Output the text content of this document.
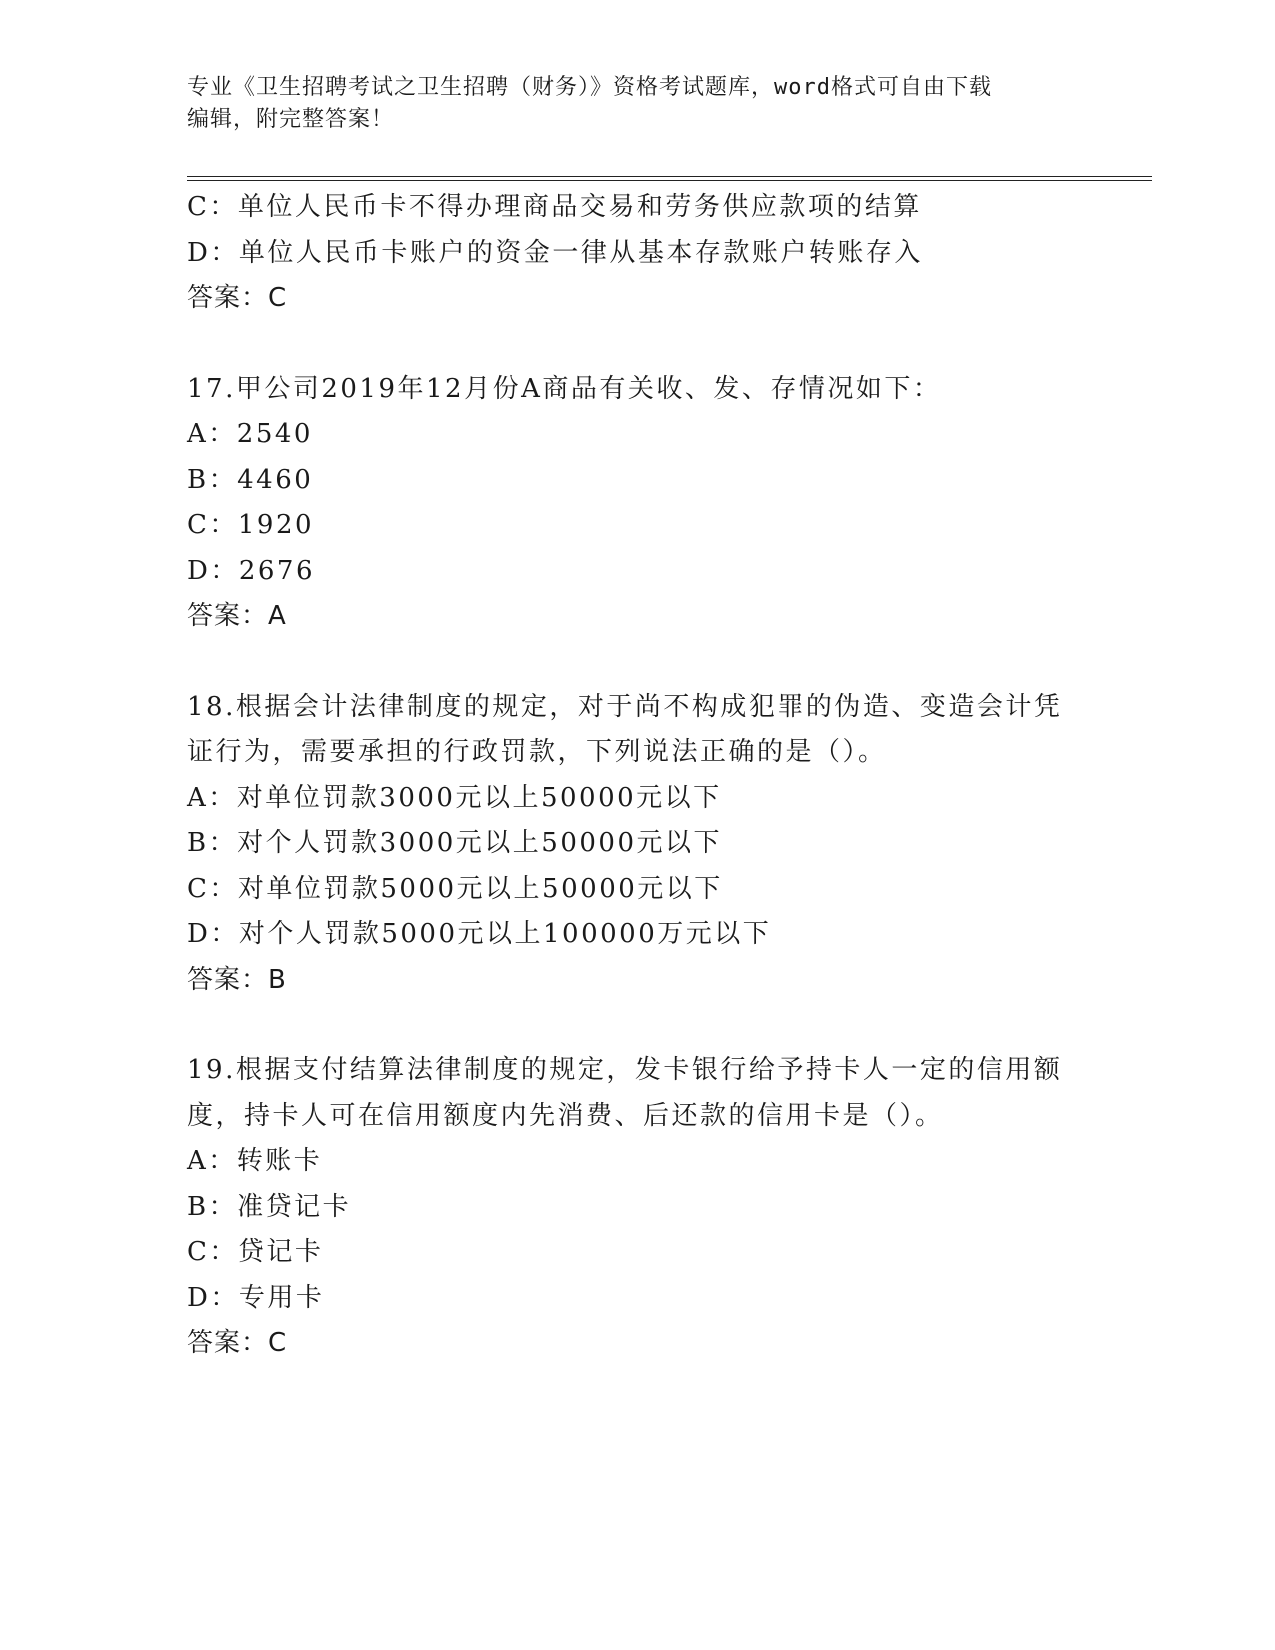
专业《卫生招聘考试之卫生招聘（财务）》资格考试题库，word格式可自由下载
编辑，附完整答案！
C：单位人民币卡不得办理商品交易和劳务供应款项的结算
D：单位人民币卡账户的资金一律从基本存款账户转账存入
答案：C
17.甲公司2019年12月份A商品有关收、发、存情况如下：
A：2540
B：4460
C：1920
D：2676
答案：A
18.根据会计法律制度的规定，对于尚不构成犯罪的伪造、变造会计凭
证行为，需要承担的行政罚款，下列说法正确的是（）。
A：对单位罚款3000元以上50000元以下
B：对个人罚款3000元以上50000元以下
C：对单位罚款5000元以上50000元以下
D：对个人罚款5000元以上100000万元以下
答案：B
19.根据支付结算法律制度的规定，发卡银行给予持卡人一定的信用额
度，持卡人可在信用额度内先消费、后还款的信用卡是（）。
A：转账卡
B：准贷记卡
C：贷记卡
D：专用卡
答案：C
